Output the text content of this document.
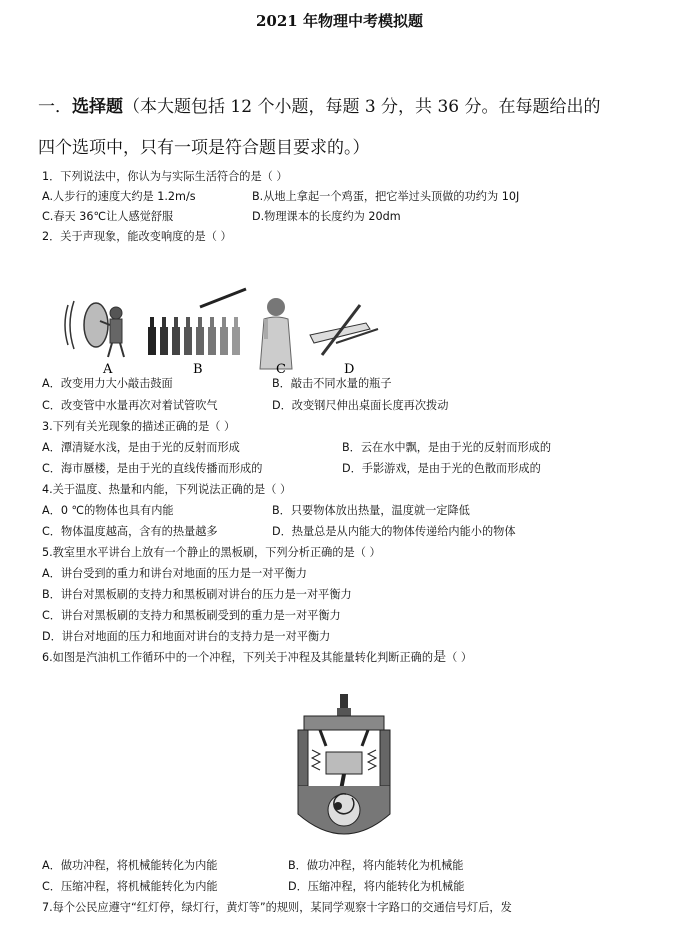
2021 年物理中考模拟题
一．选择题（本大题包括 12 个小题，每题 3 分，共 36 分。在每题给出的
四个选项中，只有一项是符合题目要求的。）
1．下列说法中，你认为与实际生活符合的是（ ）
A.人步行的速度大约是 1.2m/s	B.从地上拿起一个鸡蛋，把它举过头顶做的功约为 10J
C.春天 36℃让人感觉舒服	D.物理课本的长度约为 20dm
2．关于声现象，能改变响度的是（ ）
A	B	C	D
A．改变用力大小敲击鼓面	B．敲击不同水量的瓶子
C．改变管中水量再次对着试管吹气	D．改变钢尺伸出桌面长度再次拨动
3.下列有关光现象的描述正确的是（ ）
A．潭清疑水浅，是由于光的反射而形成	B．云在水中飘，是由于光的反射而形成的
C．海市蜃楼，是由于光的直线传播而形成的	D．手影游戏，是由于光的色散而形成的
4.关于温度、热量和内能，下列说法正确的是（ ）
A．0 ℃的物体也具有内能	B．只要物体放出热量，温度就一定降低
C．物体温度越高，含有的热量越多	D．热量总是从内能大的物体传递给内能小的物体
5.教室里水平讲台上放有一个静止的黑板刷，下列分析正确的是（ ）
A．讲台受到的重力和讲台对地面的压力是一对平衡力
B．讲台对黑板刷的支持力和黑板刷对讲台的压力是一对平衡力
C．讲台对黑板刷的支持力和黑板刷受到的重力是一对平衡力
D．讲台对地面的压力和地面对讲台的支持力是一对平衡力
6.如图是汽油机工作循环中的一个冲程，下列关于冲程及其能量转化判断正确的是（ ）
A．做功冲程，将机械能转化为内能	B．做功冲程，将内能转化为机械能
C．压缩冲程，将机械能转化为内能	D．压缩冲程，将内能转化为机械能
7.每个公民应遵守“红灯停，绿灯行，黄灯等”的规则，某同学观察十字路口的交通信号灯后，发
